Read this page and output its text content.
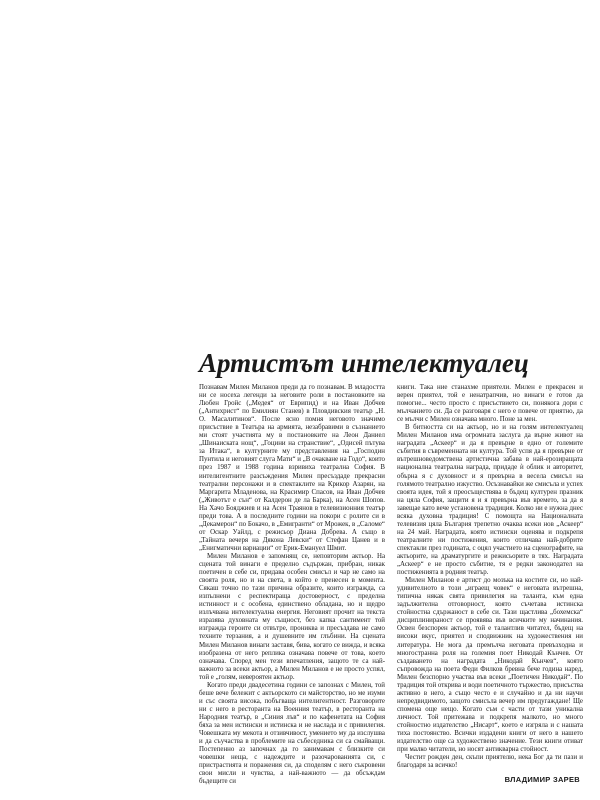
Артистът интелектуалец

Познавам Милен Миланов преди да го познавам. В младостта ни се носеха легенди за неговите роли в постановките на Любен Гройс („Медея“ от Еврипид) и на Иван Добчев („Антихрист“ по Емилиян Станев) в Пловдивския театър „Н. О. Масалитинов“. После ясно помня неговото значимо присъствие в Театъра на армията, незабравими в съзнанието ми стоят участията му в постановките на Леон Даниел „Шинаиската нощ“, „Гоцини на странствие“, „Одисей пътува за Итака“, в културните му представления на „Господин Пунтила и неговият слуга Мати“ и „В очакване на Годо“, които през 1987 и 1988 година взривиха театрална София. В интелигентните разсъждения Милен пресъздаде прекрасни театрални персонажи и в спектаклите на Крикор Азарян, на Маргарита Младенова, на Красимир Спасов, на Иван Добчев („Животът е сън“ от Калдерон де ла Барка), на Асен Шопов. На Хачо Бояджиев и на Асен Траянов в телевизионния театър преди това. А в последните години на покори с ролите си в „Декамерон“ по Бокачо, в „Емигранти“ от Мрожек, в „Саломе“ от Оскар Уайлд, с режисьор Диана Добрева. А също в „Тайната вечеря на Дякона Левски“ от Стефан Цанев и в „Енигматични вариации“ от Ерик-Емануел Шмит.

Милен Миланов е запомнящ се, неповторим актьор. На сцената той винаги е пределно съдържан, прибран, никак поетичен в себе си, придава особен смисъл и чар не само на своята роля, но и на света, в който е пренесен в момента. Сякаш точно по тази причина образите, които изгражда, са изпълнени с респектираща достоверност, с пределна истинност и с особена, единствено обладана, но и щедро излъчвана интелектуална енергия. Неговият прочит на текста изразява духовната му същност, без капка сантимент той изгражда героите си отвътре, прониква и пресъздава не само техните терзания, а и душевните им глъбини. На сцената Милен Миланов винаги заставя, бива, когато се вижда, и всяка изобразена от него реплика означава повече от това, което означава. Според мен тези впечатления, защото те са най-важното за всеки актьор, а Милен Миланов е не просто успял, той е „голям, невероятен актьор.

Когато преди двадесетина години се запознах с Милен, той беше вече бележит с актьорското си майсторство, но ме изуми и със своята висока, побъгваща интелигентност. Разговорите ни с него в ресторанта на Военния театър, в ресторанта на Народния театър, в „Синия лъв“ и по кафенетата на София бяха за мен истински и истинска и не наслада и с привилегия. Човешката му мекота и отзивчивост, умението му да изслушва и да съучаства в проблемите на събеседника си са смайващи. Постепенно аз започнах да го занимавам с близките си човешки неща, с надеждите и разочарованията си, с пристрастията и поражения си, да споделям с него съкровени свои мисли и чувства, а най-важното — да обсъждам бъдещите си

книги. Така ние станахме приятели. Милен е прекрасен и верен приятел, той е ненатрапчив, но винаги е готов да помогне... често просто с присъствието си, понякога дори с мълчанието си. Да се разговаря с него е повече от приятно, да се мълчи с Милен означава много. Поне за мен.

В битността си на актьор, но и на голям интелектуалец Милен Миланов има огромната заслуга да върне живот на наградата „Аскеер“ и да я превърне в едно от големите събития в съвременната ни култура. Той успя да я превърне от вътрешноведомствена артистична забава в най-ерозиращата национална театрална награда, придаде ѝ облик и авторитет, обърна я с духовност и я превърна в весела смисъл на голямото театрално изкуство. Осъзнавайки же смисъла и успех своята идея, той я преосъществява в бъдещ културен празник на цяла София, защити я и я превърна във времето, за да я завещае като вече установена традиция. Колко ни е нужна днес всяка духовна традиция! С помощта на Националната телевизия цяла България трепетно очаква всеки нов „Аскеер“ на 24 май. Наградата, която истински оценява и подкрепя театралните ни постижения, които отличава най-добрите спектакли през годината, с оцял участието на сценографите, на актьорите, на драматургите и режисьорите в тях. Наградата „Аскеер“ е не просто събитие, тя е редки законодател на постиженията в родния театър.

Милен Миланов е артист до мозъка на костите си, но най-удивителното в този „играещ човек“ е неговата вътрешна, типична някак свята привилегия на таланта, към една задължителна отговорност, която съчетава истинска стойностна сдържаност в себе си. Тази щастлива „бохемска“ дисциплинираност се проявява във всичките му начинания. Освен безспорен актьор, той е талантлив читател, бъдещ на високи вкус, приятел и сподвижник на художествения ни литература. Не мога да премълча неговата превъзходна и многостранна роля на големия поет Никодай Кънчев. От създаването на наградата „Никодай Кънчев“, която съпровожда на поета Феди Филков бревна бече година наред, Милен безспорно участва във всеки „Поетичен Никодай“. По традиция той открива и води поетичното тържество, присъства активно в него, а също често е и случайно и да ни научи непредвидимото, защото смисъла вечер им предугаждане! Ще спомена още нещо. Когато съм с части от тази уникална личност. Той притежава и подкрепя малкото, но много стойностно издателство „Нисарт“, което е изгряла и с нашата тиха постоянство. Всички издадени книги от него в нашето издателство още са художествено значение. Тези книги отиват при малко читатели, но носят антикварна стойност.

Честит рожден ден, скъпи приятелю, нека Бог да ти пази и благодаря за всичко!

ВЛАДИМИР ЗАРЕВ
